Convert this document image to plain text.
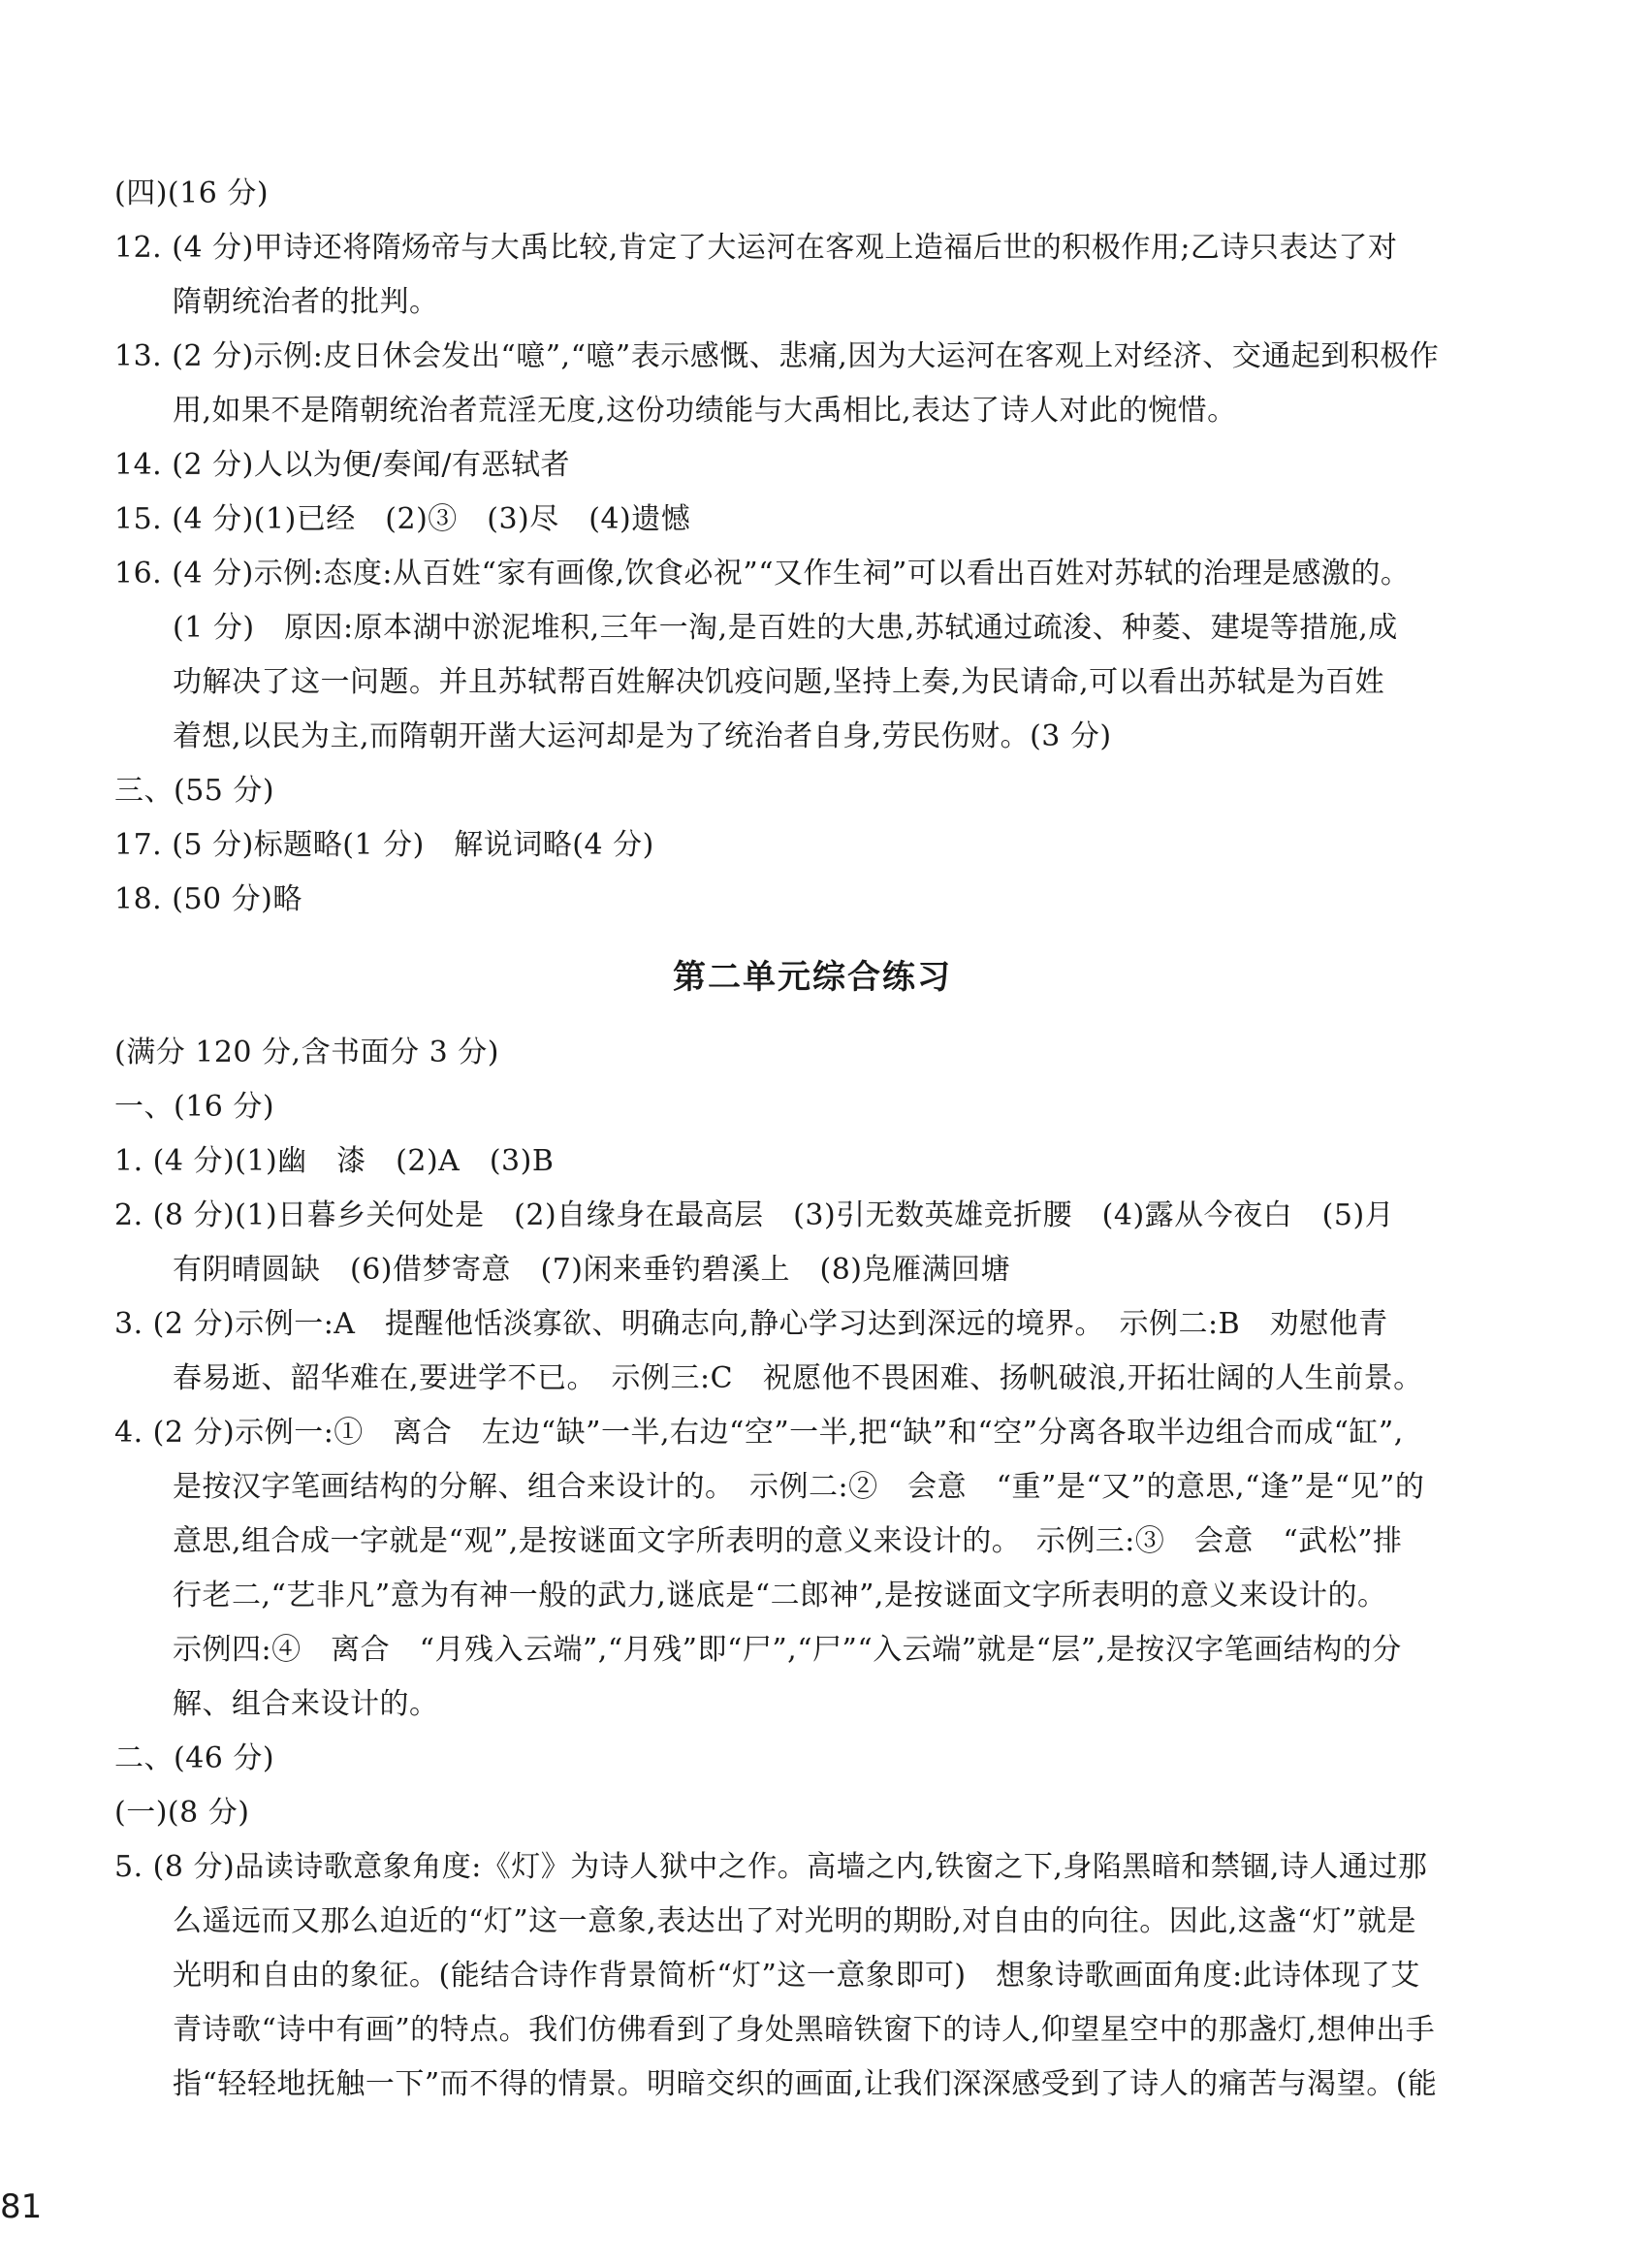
(四)(16 分)
12. (4 分)甲诗还将隋炀帝与大禹比较,肯定了大运河在客观上造福后世的积极作用;乙诗只表达了对
隋朝统治者的批判。
13. (2 分)示例:皮日休会发出“噫”,“噫”表示感慨、悲痛,因为大运河在客观上对经济、交通起到积极作
用,如果不是隋朝统治者荒淫无度,这份功绩能与大禹相比,表达了诗人对此的惋惜。
14. (2 分)人以为便/奏闻/有恶轼者
15. (4 分)(1)已经　(2)③　(3)尽　(4)遗憾
16. (4 分)示例:态度:从百姓“家有画像,饮食必祝”“又作生祠”可以看出百姓对苏轼的治理是感激的。
(1 分)　原因:原本湖中淤泥堆积,三年一淘,是百姓的大患,苏轼通过疏浚、种菱、建堤等措施,成
功解决了这一问题。并且苏轼帮百姓解决饥疫问题,坚持上奏,为民请命,可以看出苏轼是为百姓
着想,以民为主,而隋朝开凿大运河却是为了统治者自身,劳民伤财。(3 分)
三、(55 分)
17. (5 分)标题略(1 分)　解说词略(4 分)
18. (50 分)略
第二单元综合练习
(满分 120 分,含书面分 3 分)
一、(16 分)
1. (4 分)(1)幽　漆　(2)A　(3)B
2. (8 分)(1)日暮乡关何处是　(2)自缘身在最高层　(3)引无数英雄竞折腰　(4)露从今夜白　(5)月
有阴晴圆缺　(6)借梦寄意　(7)闲来垂钓碧溪上　(8)凫雁满回塘
3. (2 分)示例一:A　提醒他恬淡寡欲、明确志向,静心学习达到深远的境界。　示例二:B　劝慰他青
春易逝、韶华难在,要进学不已。　示例三:C　祝愿他不畏困难、扬帆破浪,开拓壮阔的人生前景。
4. (2 分)示例一:①　离合　左边“缺”一半,右边“空”一半,把“缺”和“空”分离各取半边组合而成“缸”,
是按汉字笔画结构的分解、组合来设计的。　示例二:②　会意　“重”是“又”的意思,“逢”是“见”的
意思,组合成一字就是“观”,是按谜面文字所表明的意义来设计的。　示例三:③　会意　“武松”排
行老二,“艺非凡”意为有神一般的武力,谜底是“二郎神”,是按谜面文字所表明的意义来设计的。
示例四:④　离合　“月残入云端”,“月残”即“尸”,“尸”“入云端”就是“层”,是按汉字笔画结构的分
解、组合来设计的。
二、(46 分)
(一)(8 分)
5. (8 分)品读诗歌意象角度:《灯》为诗人狱中之作。高墙之内,铁窗之下,身陷黑暗和禁锢,诗人通过那
么遥远而又那么迫近的“灯”这一意象,表达出了对光明的期盼,对自由的向往。因此,这盏“灯”就是
光明和自由的象征。(能结合诗作背景简析“灯”这一意象即可)　想象诗歌画面角度:此诗体现了艾
青诗歌“诗中有画”的特点。我们仿佛看到了身处黑暗铁窗下的诗人,仰望星空中的那盏灯,想伸出手
指“轻轻地抚触一下”而不得的情景。明暗交织的画面,让我们深深感受到了诗人的痛苦与渴望。(能
81
